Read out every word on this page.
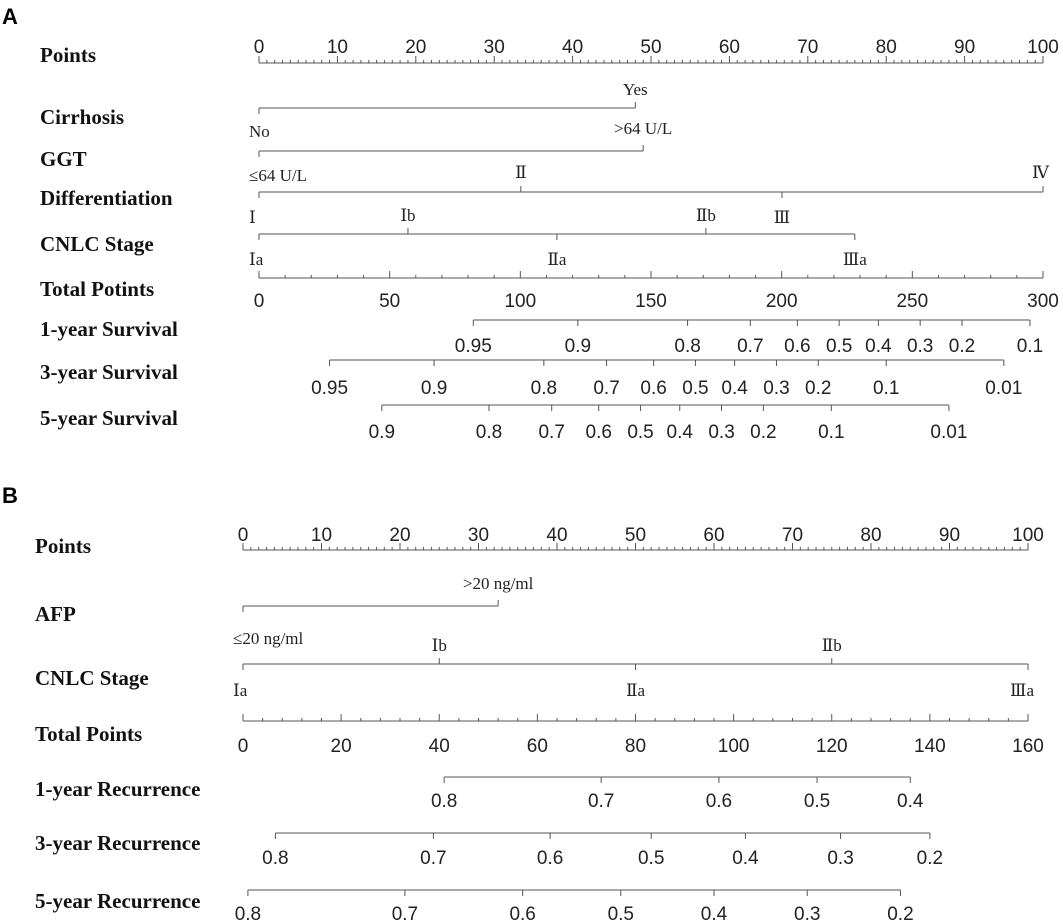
A
B
Points	0	10	20	30	40	50	60	70	80	90	100
Cirrhosis
No
Yes
GGT
≤64 U/L
>64 U/L
Differentiation
Ⅰ
Ⅱ
Ⅲ
Ⅳ
CNLC Stage
Ⅰa
Ⅰb
Ⅱa
Ⅱb
Ⅲa
Total Potints
0	50	100	150	200	250	300
1-year Survival
0.95	0.9	0.8 0.7 0.6 0.5 0.4 0.3 0.2 0.1
3-year Survival
0.95	0.9	0.8 0.7 0.6 0.5 0.4 0.3 0.2 0.1	0.01
5-year Survival
0.9	0.8 0.7 0.6 0.5 0.4 0.3 0.2 0.1	0.01
Points	0	10	20	30	40	50	60	70	80	90	100
AFP
≤20 ng/ml
>20 ng/ml
CNLC Stage
Ⅰa
Ⅰb
Ⅱa
Ⅱb
Ⅲa
Total Points
0	20	40	60	80	100	120	140	160
1-year Recurrence
0.8	0.7	0.6	0.5	0.4
3-year Recurrence
0.8	0.7	0.6	0.5	0.4	0.3	0.2
5-year Recurrence
0.8	0.7	0.6	0.5	0.4	0.3	0.2
